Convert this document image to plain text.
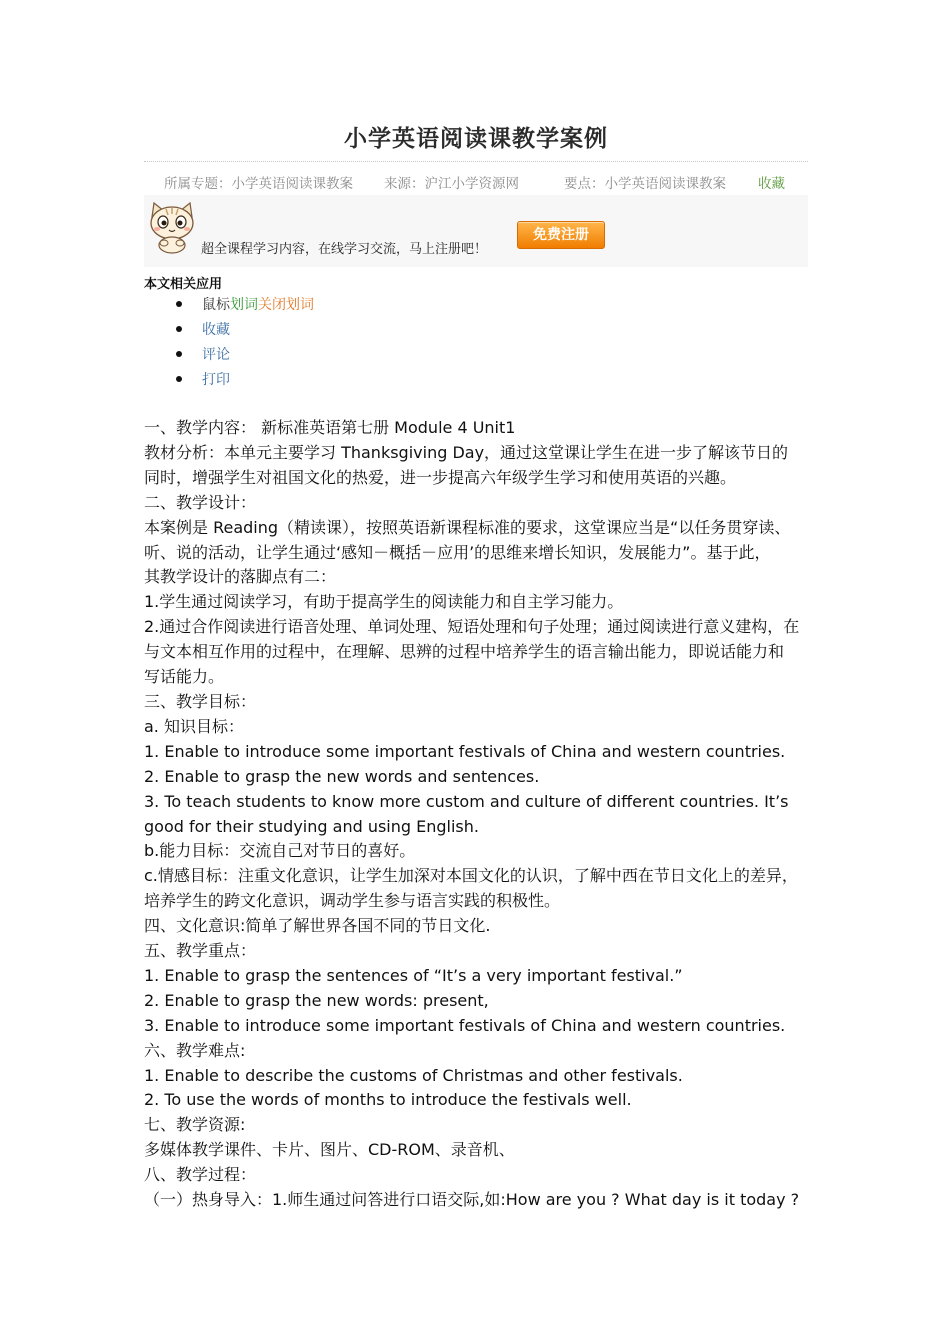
小学英语阅读课教学案例
所属专题：小学英语阅读课教案 来源：沪江小学资源网	要点：小学英语阅读课教案 收藏
超全课程学习内容，在线学习交流，马上注册吧！
免费注册
本文相关应用
鼠标划词关闭划词
收藏
评论
打印

一、教学内容： 新标准英语第七册 Module 4 Unit1

教材分析：本单元主要学习 Thanksgiving Day，通过这堂课让学生在进一步了解该节日的

同时，增强学生对祖国文化的热爱，进一步提高六年级学生学习和使用英语的兴趣。

二、教学设计：

本案例是 Reading（精读课），按照英语新课程标准的要求，这堂课应当是“以任务贯穿读、

听、说的活动，让学生通过‘感知－概括－应用’的思维来增长知识，发展能力”。基于此，

其教学设计的落脚点有二：

1.学生通过阅读学习，有助于提高学生的阅读能力和自主学习能力。

2.通过合作阅读进行语音处理、单词处理、短语处理和句子处理；通过阅读进行意义建构，在

与文本相互作用的过程中，在理解、思辨的过程中培养学生的语言输出能力，即说话能力和

写话能力。

三、教学目标：

a. 知识目标：

1. Enable to introduce some important festivals of China and western countries.

2. Enable to grasp the new words and sentences.

3. To teach students to know more custom and culture of different countries. It’s

good for their studying and using English.

b.能力目标：交流自己对节日的喜好。

c.情感目标：注重文化意识，让学生加深对本国文化的认识，了解中西在节日文化上的差异，

培养学生的跨文化意识，调动学生参与语言实践的积极性。

四、文化意识:简单了解世界各国不同的节日文化.

五、教学重点：

1. Enable to grasp the sentences of “It’s a very important festival.”

2. Enable to grasp the new words: present,

3. Enable to introduce some important festivals of China and western countries.

六、教学难点:

1. Enable to describe the customs of Christmas and other festivals.

2. To use the words of months to introduce the festivals well.

七、教学资源:

多媒体教学课件、卡片、图片、CD-ROM、录音机、

八、教学过程：

（一）热身导入：1.师生通过问答进行口语交际,如:How are you ? What day is it today ?
